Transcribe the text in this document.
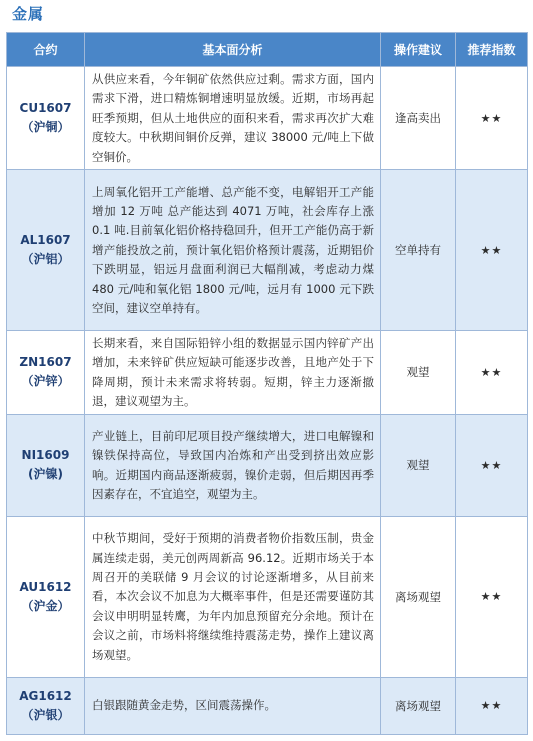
金属
合约	基本面分析	操作建议	推荐指数

CU1607
（沪铜）	从供应来看，今年铜矿依然供应过剩。需求方面，国内需求下滑，进口精炼铜增速明显放缓。近期，市场再起旺季预期，但从土地供应的面积来看，需求再次扩大难度较大。中秋期间铜价反弹，建议 38000 元/吨上下做空铜价。	逢高卖出	★★

AL1607
（沪铝）	上周氧化铝开工产能增、总产能不变，电解铝开工产能增加 12 万吨 总产能达到 4071 万吨，社会库存上涨 0.1 吨.目前氧化铝价格持稳回升，但开工产能仍高于新增产能投放之前，预计氧化铝价格预计震荡，近期铝价下跌明显，铝远月盘面利润已大幅削减，考虑动力煤 480 元/吨和氧化铝 1800 元/吨，远月有 1000 元下跌空间，建议空单持有。	空单持有	★★

ZN1607
（沪锌）	长期来看，来自国际铅锌小组的数据显示国内锌矿产出增加，未来锌矿供应短缺可能逐步改善，且地产处于下降周期，预计未来需求将转弱。短期，锌主力逐渐撤退，建议观望为主。	观望	★★

NI1609
(沪镍)	产业链上，目前印尼项目投产继续增大，进口电解镍和镍铁保持高位，导致国内冶炼和产出受到挤出效应影响。近期国内商品逐渐疲弱，镍价走弱，但后期因再季因素存在，不宜追空，观望为主。	观望	★★

AU1612
（沪金）	中秋节期间，受好于预期的消费者物价指数压制，贵金属连续走弱，美元创两周新高 96.12。近期市场关于本周召开的美联储 9 月会议的讨论逐渐增多，从目前来看，本次会议不加息为大概率事件，但是还需要谨防其会议申明明显转鹰，为年内加息预留充分余地。预计在会议之前，市场料将继续维持震荡走势，操作上建议离场观望。	离场观望	★★

AG1612
（沪银）	白银跟随黄金走势，区间震荡操作。	离场观望	★★
